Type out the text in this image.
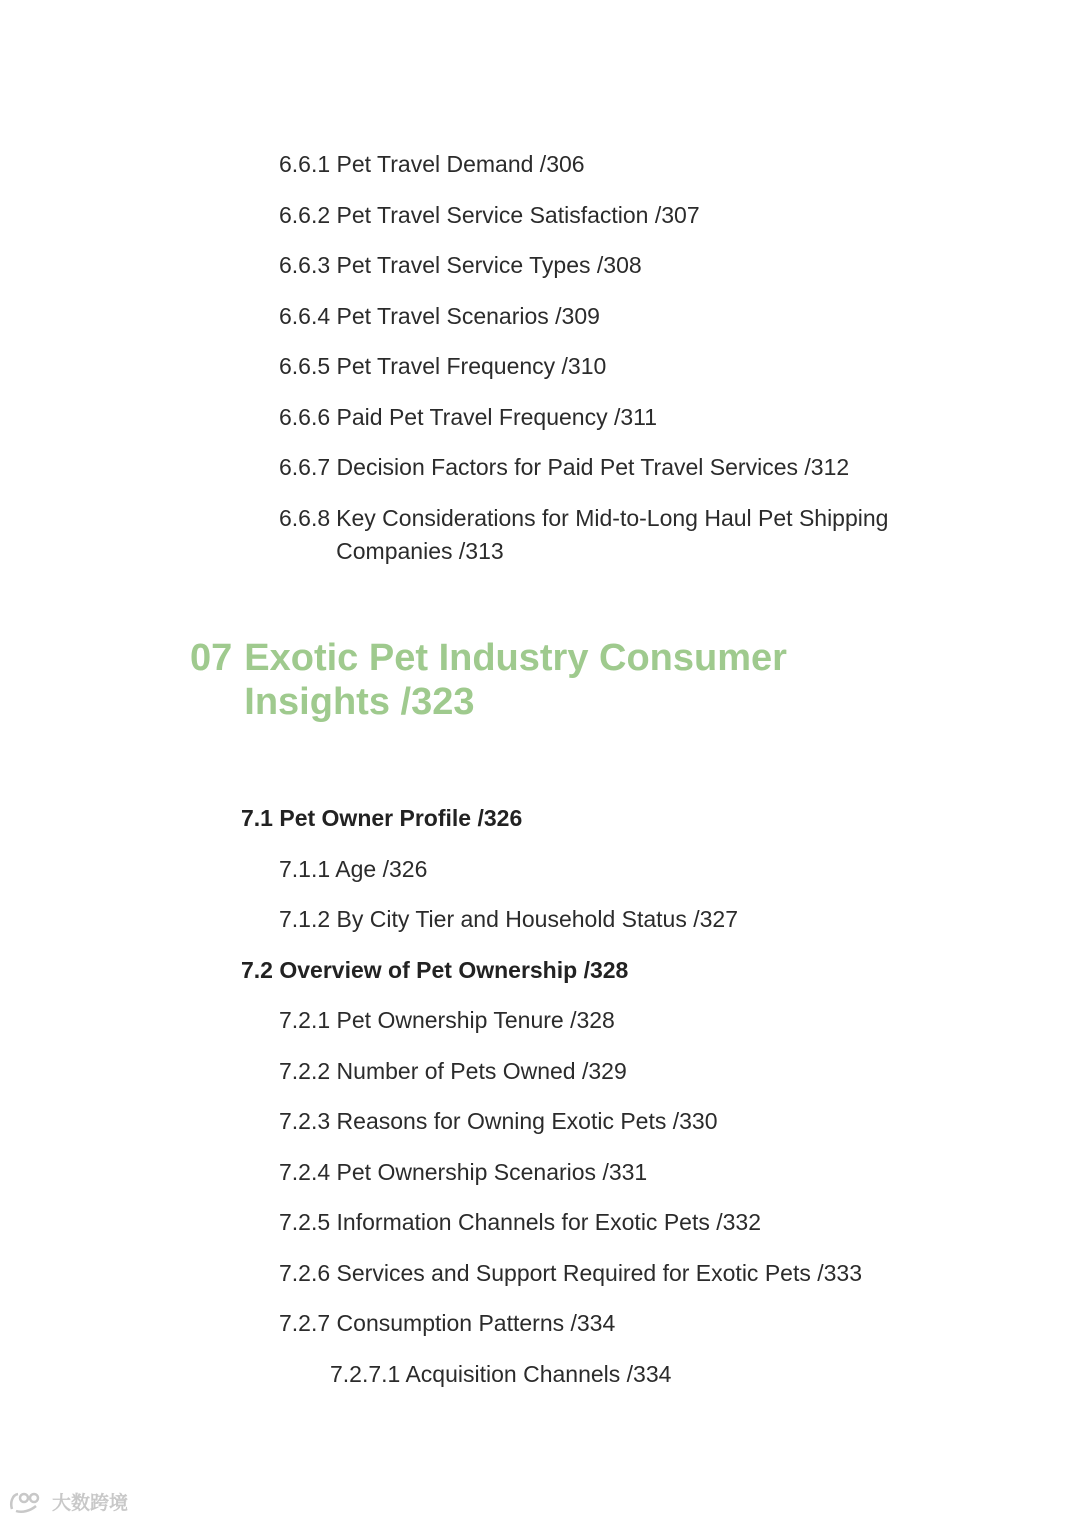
6.6.1 Pet Travel Demand /306
6.6.2 Pet Travel Service Satisfaction /307
6.6.3 Pet Travel Service Types /308
6.6.4 Pet Travel Scenarios /309
6.6.5 Pet Travel Frequency /310
6.6.6 Paid Pet Travel Frequency /311
6.6.7 Decision Factors for Paid Pet Travel Services /312
6.6.8 Key Considerations for Mid-to-Long Haul Pet Shipping Companies /313
07 Exotic Pet Industry Consumer Insights /323
7.1 Pet Owner Profile /326
7.1.1 Age /326
7.1.2 By City Tier and Household Status /327
7.2 Overview of Pet Ownership /328
7.2.1 Pet Ownership Tenure /328
7.2.2 Number of Pets Owned /329
7.2.3 Reasons for Owning Exotic Pets /330
7.2.4 Pet Ownership Scenarios /331
7.2.5 Information Channels for Exotic Pets /332
7.2.6 Services and Support Required for Exotic Pets /333
7.2.7 Consumption Patterns /334
7.2.7.1 Acquisition Channels /334
大数跨境
